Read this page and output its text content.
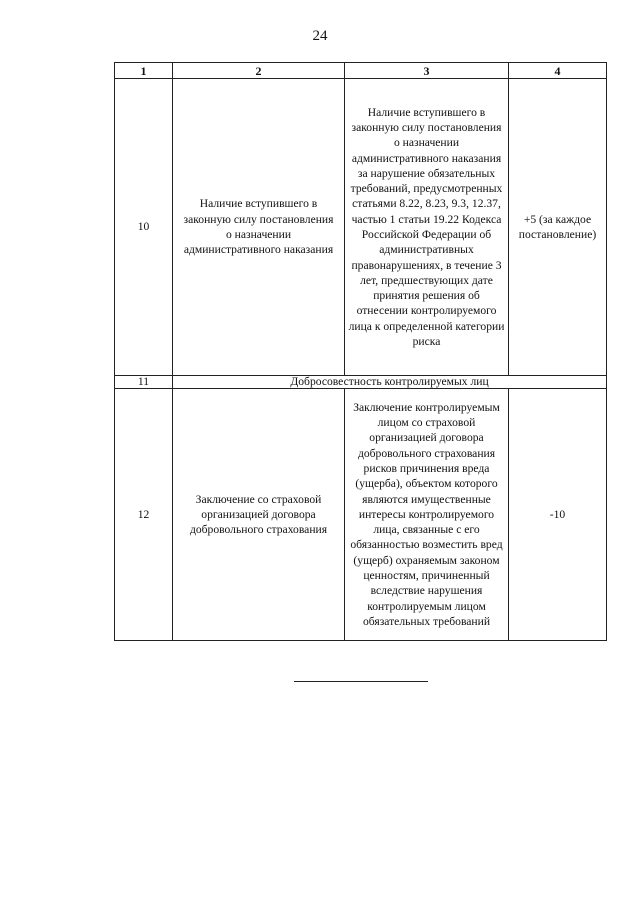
24
1	2	3	4
10	Наличие вступившего в законную силу постановления о назначении административного наказания	Наличие вступившего в законную силу постановления о назначении административного наказания за нарушение обязательных требований, предусмотренных статьями 8.22, 8.23, 9.3, 12.37, частью 1 статьи 19.22 Кодекса Российской Федерации об административных правонарушениях, в течение 3 лет, предшествующих дате принятия решения об отнесении контролируемого лица к определенной категории риска	+5 (за каждое постановление)

11	Добросовестность контролируемых лиц		
12	Заключение со страховой организацией договора добровольного страхования	Заключение контролируемым лицом со страховой организацией договора добровольного страхования рисков причинения вреда (ущерба), объектом которого являются имущественные интересы контролируемого лица, связанные с его обязанностью возместить вред (ущерб) охраняемым законом ценностям, причиненный вследствие нарушения контролируемым лицом обязательных требований	-10
